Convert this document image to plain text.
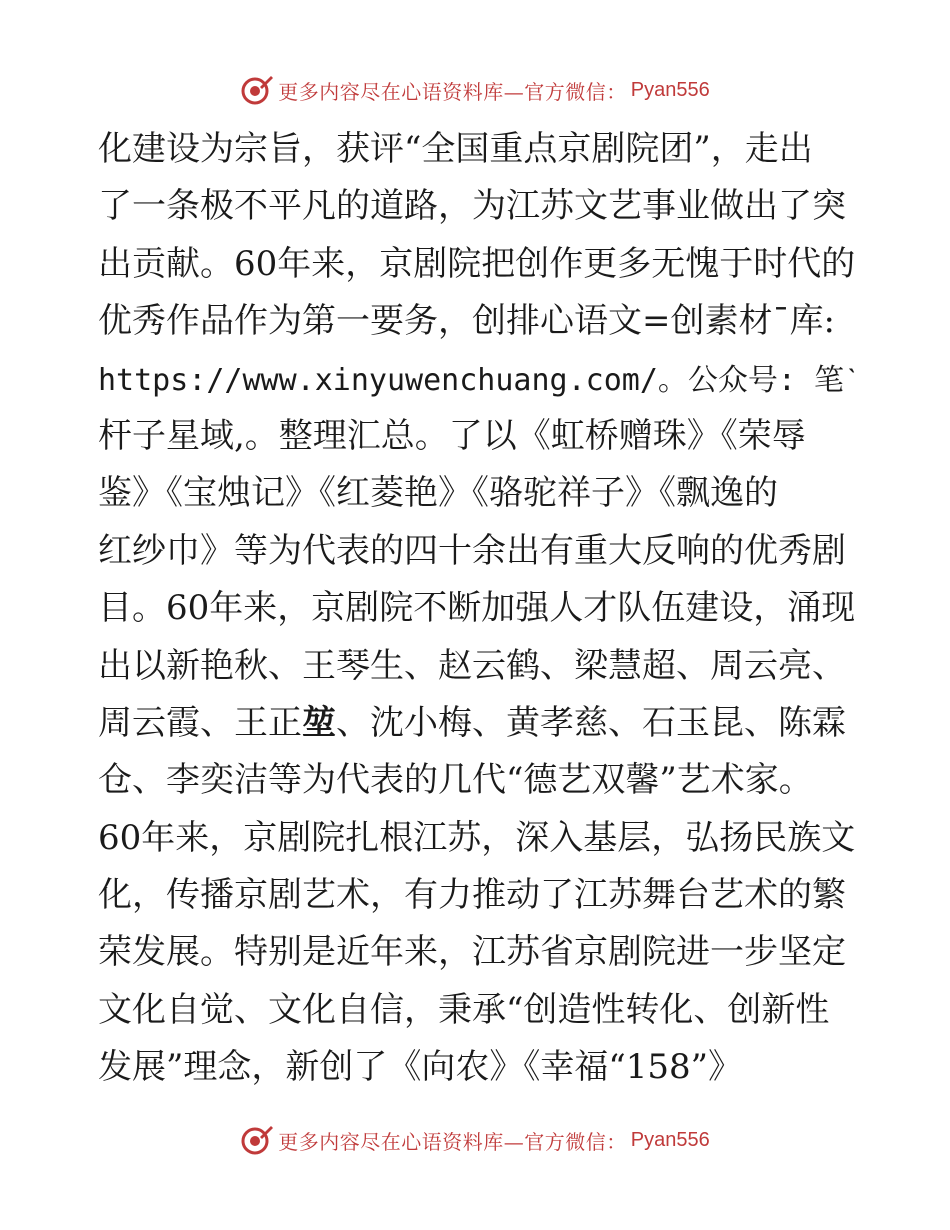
更多内容尽在心语资料库—官方微信： Pyan556
化建设为宗旨，获评“全国重点京剧院团”，走出
了一条极不平凡的道路，为江苏文艺事业做出了突
出贡献。60年来，京剧院把创作更多无愧于时代的
优秀作品作为第一要务，创排心语文=创素材¯库:
https://www.xinyuwenchuang.com/。公众号: 笔ˋ
杆子星域,。整理汇总。了以《虹桥赠珠》《荣辱
鉴》《宝烛记》《红菱艳》《骆驼祥子》《飘逸的
红纱巾》等为代表的四十余出有重大反响的优秀剧
目。60年来，京剧院不断加强人才队伍建设，涌现
出以新艳秋、王琴生、赵云鹤、梁慧超、周云亮、
周云霞、王正堃、沈小梅、黄孝慈、石玉昆、陈霖
仓、李奕洁等为代表的几代“德艺双馨”艺术家。
60年来，京剧院扎根江苏，深入基层，弘扬民族文
化，传播京剧艺术，有力推动了江苏舞台艺术的繁
荣发展。特别是近年来，江苏省京剧院进一步坚定
文化自觉、文化自信，秉承“创造性转化、创新性
发展”理念，新创了《向农》《幸福“158”》
更多内容尽在心语资料库—官方微信： Pyan556
